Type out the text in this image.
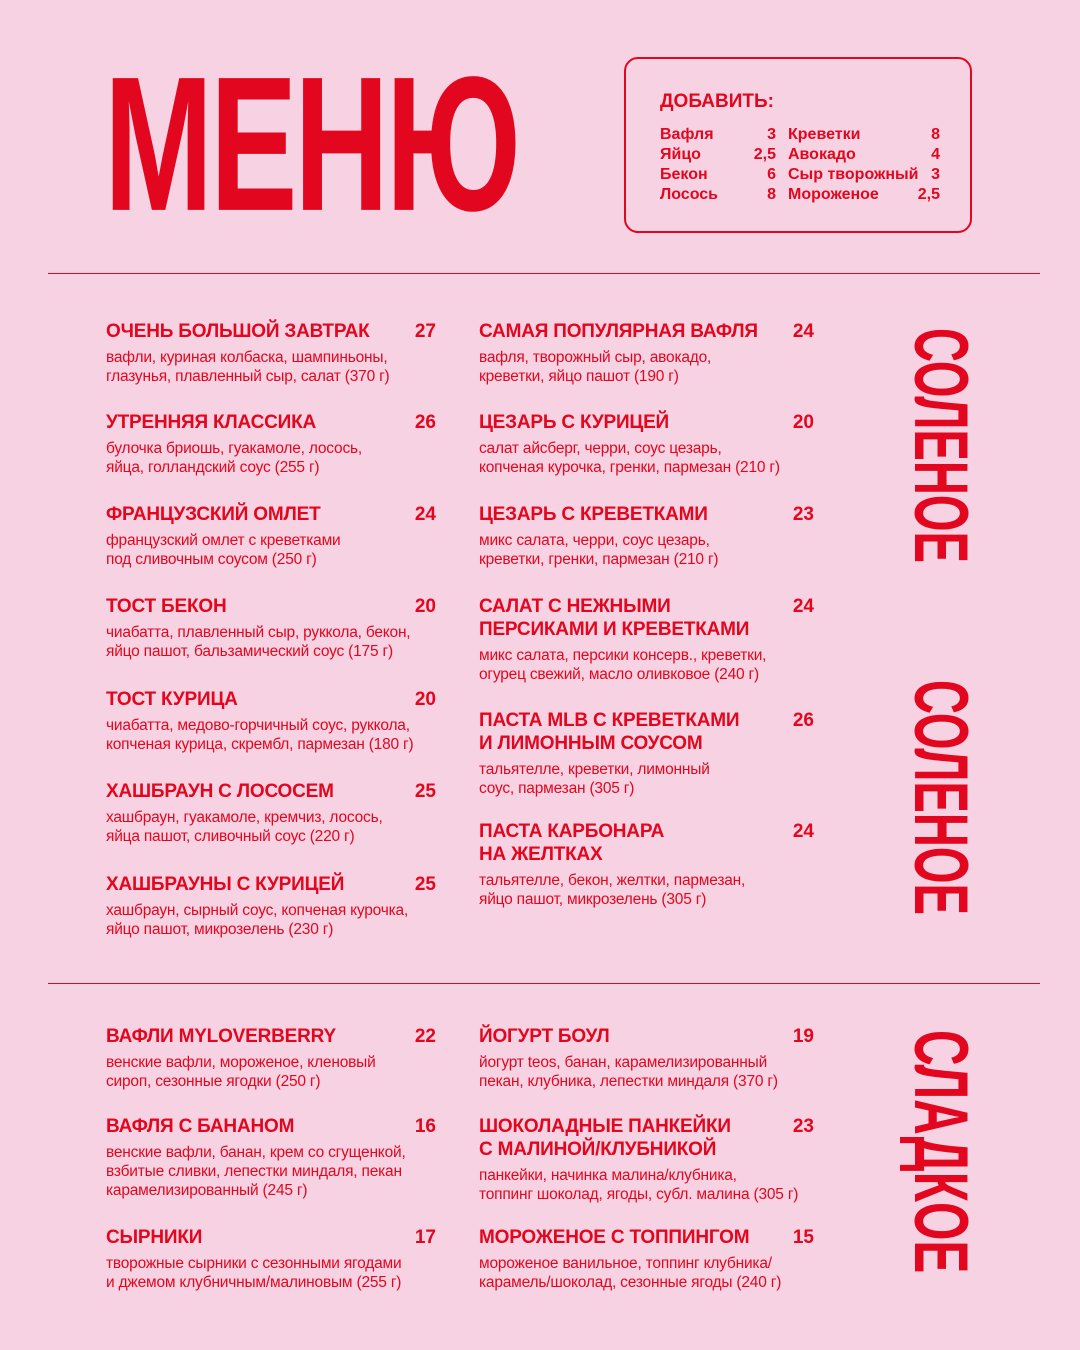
МЕНЮ	ДОБАВИТЬ:
Вафля	3
Яйцо	2,5
Бекон	6
Лосось	8
Креветки	8
Авокадо	4
Сыр творожный 3
Мороженое 2,5
ОЧЕНЬ БОЛЬШОЙ ЗАВТРАК 27
вафли, куриная колбаска, шампиньоны,
глазунья, плавленный сыр, салат (370 г)
УТРЕННЯЯ КЛАССИКА	26
булочка бриошь, гуакамоле, лосось,
яйца, голландский соус (255 г)
ФРАНЦУЗСКИЙ ОМЛЕТ	24
французский омлет с креветками
под сливочным соусом (250 г)
ТОСТ БЕКОН	20
чиабатта, плавленный сыр, руккола, бекон,
яйцо пашот, бальзамический соус (175 г)
ТОСТ КУРИЦА	20
чиабатта, медово-горчичный соус, руккола,
копченая курица, скрембл, пармезан (180 г)
ХАШБРАУН С ЛОСОСЕМ	25
хашбраун, гуакамоле, кремчиз, лосось,
яйца пашот, сливочный соус (220 г)
ХАШБРАУНЫ С КУРИЦЕЙ	25
хашбраун, сырный соус, копченая курочка,
яйцо пашот, микрозелень (230 г)
САМАЯ ПОПУЛЯРНАЯ ВАФЛЯ 24
вафля, творожный сыр, авокадо,
креветки, яйцо пашот (190 г)
ЦЕЗАРЬ С КУРИЦЕЙ	20
салат айсберг, черри, соус цезарь,
копченая курочка, гренки, пармезан (210 г)
ЦЕЗАРЬ С КРЕВЕТКАМИ	23
микс салата, черри, соус цезарь,
креветки, гренки, пармезан (210 г)
САЛАТ С НЕЖНЫМИ ПЕРСИКАМИ И КРЕВЕТКАМИ
24
микс салата, персики консерв., креветки,
огурец свежий, масло оливковое (240 г)
ПАСТА MLB С КРЕВЕТКАМИ И ЛИМОННЫМ СОУСОМ
26
тальятелле, креветки, лимонный
соус, пармезан (305 г)
ПАСТА КАРБОНАРА НА ЖЕЛТКАХ
24
тальятелле, бекон, желтки, пармезан,
яйцо пашот, микрозелень (305 г)
ВАФЛИ MYLOVERBERRY	22
венские вафли, мороженое, кленовый
сироп, сезонные ягодки (250 г)
ВАФЛЯ С БАНАНОМ	16
венские вафли, банан, крем со сгущенкой,
взбитые сливки, лепестки миндаля, пекан
карамелизированный (245 г)
СЫРНИКИ	17
творожные сырники с сезонными ягодами
и джемом клубничным/малиновым (255 г)
ЙОГУРТ БОУЛ	19
йогурт teos, банан, карамелизированный
пекан, клубника, лепестки миндаля (370 г)
ШОКОЛАДНЫЕ ПАНКЕЙКИ С МАЛИНОЙ/КЛУБНИКОЙ
23
панкейки, начинка малина/клубника,
топпинг шоколад, ягоды, субл. малина (305 г)
МОРОЖЕНОЕ С ТОППИНГОМ 15
мороженое ванильное, топпинг клубника/
карамель/шоколад, сезонные ягоды (240 г)
СОЛЕНОЕ
СОЛЕНОЕ
СЛАДКОЕ
